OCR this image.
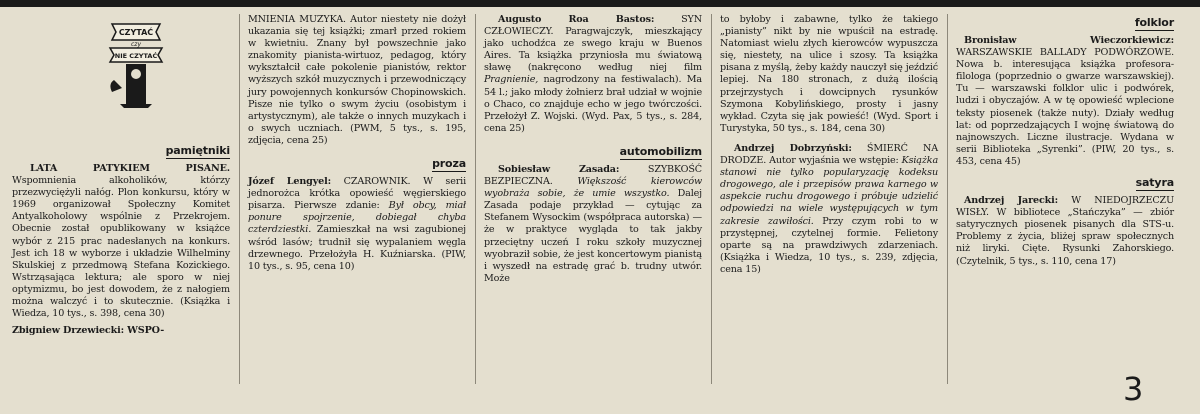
CZYTAĆ
czy
NIE CZYTAĆ
pamiętniki

LATA PATYKIEM PISANE. Wspomnienia alkoholików, którzy przezwyciężyli nałóg. Plon konkursu, który w 1969 organizował Społeczny Komitet Antyalkoholowy wspólnie z Przekrojem. Obecnie został opublikowany w książce wybór z 215 prac nadesłanych na konkurs. Jest ich 18 w wyborze i układzie Wilhelminy Skulskiej z przedmową Stefana Kozickiego. Wstrząsająca lektura; ale sporo w niej optymizmu, bo jest dowodem, że z nałogiem można walczyć i to skutecznie. (Książka i Wiedza, 10 tys., s. 398, cena 30)

Zbigniew Drzewiecki: WSPO-

MNIENIA MUZYKA. Autor niestety nie dożył ukazania się tej książki; zmarł przed rokiem w kwietniu. Znany był powszechnie jako znakomity pianista-wirtuoz, pedagog, który wykształcił całe pokolenie pianistów, rektor wyższych szkół muzycznych i przewodniczący jury powojennych konkursów Chopinowskich. Pisze nie tylko o swym życiu (osobistym i artystycznym), ale także o innych muzykach i o swych uczniach. (PWM, 5 tys., s. 195, zdjęcia, cena 25)

proza

Józef Lengyel: CZAROWNIK. W serii jednorożca krótka opowieść węgierskiego pisarza. Pierwsze zdanie: Był obcy, miał ponure spojrzenie, dobiegał chyba czterdziestki. Zamieszkał na wsi zagubionej wśród lasów; trudnił się wypalaniem węgla drzewnego. Przełożyła H. Kuźniarska. (PIW, 10 tys., s. 95, cena 10)

Augusto Roa Bastos:	SYN CZŁOWIECZY. Paragwajczyk, mieszkający jako uchodźca ze swego kraju w Buenos Aires. Ta książka przyniosła mu światową sławę (nakręcono według niej film Pragnienie, nagrodzony na festiwalach). Ma 54 l.; jako młody żołnierz brał udział w wojnie o Chaco, co znajduje echo w jego twórczości. Przełożył Z. Wojski. (Wyd. Pax, 5 tys., s. 284, cena 25)

automobilizm

Sobiesław Zasada:	SZYBKOŚĆ BEZPIECZNA.	Większość kierowców wyobraża sobie, że umie wszystko. Dalej Zasada podaje przykład — cytując za Stefanem Wysockim (współpraca autorska) — że w praktyce wygląda to tak jakby przeciętny uczeń I roku szkoły muzycznej wyobraził sobie, że jest koncertowym pianistą i wyszedł na estradę grać b. trudny utwór. Może

to byłoby i zabawne, tylko że takiego „pianisty” nikt by nie wpuścił na estradę. Natomiast wielu złych kierowców wypuszcza się, niestety, na ulice i szosy. Ta książka pisana z myślą, żeby każdy nauczył się jeździć lepiej. Na 180 stronach, z dużą ilością przejrzystych i dowcipnych rysunków Szymona Kobylińskiego, prosty i jasny wykład. Czyta się jak powieść! (Wyd. Sport i Turystyka, 50 tys., s. 184, cena 30)

Andrzej Dobrzyński: ŚMIERĆ NA DRODZE. Autor wyjaśnia we wstępie: Książka stanowi nie tylko popularyzację kodeksu drogowego, ale i przepisów prawa karnego w aspekcie ruchu drogowego i próbuje udzielić odpowiedzi na wiele występujących w tym zakresie zawiłości. Przy czym robi to w przystępnej, czytelnej formie. Felietony oparte są na prawdziwych zdarzeniach. (Książka i Wiedza, 10 tys., s. 239, zdjęcia, cena 15)

folklor

Bronisław Wieczorkiewicz: WARSZAWSKIE BALLADY PODWÓRZOWE. Nowa b. interesująca książka profesora-filologa (poprzednio o gwarze warszawskiej). Tu — warszawski folklor ulic i podwórek, ludzi i obyczajów. A w tę opowieść wplecione teksty piosenek (także nuty). Działy według lat: od poprzedzających I wojnę światową do najnowszych. Liczne ilustracje. Wydana w serii Biblioteka „Syrenki”. (PIW, 20 tys., s. 453, cena 45)

satyra

Andrzej Jarecki: W NIEDOJRZECZU WISŁY. W bibliotece „Stańczyka” — zbiór satyrycznych piosenek pisanych dla STS-u. Problemy z życia, bliżej spraw społecznych niż liryki. Cięte. Rysunki Zahorskiego. (Czytelnik, 5 tys., s. 110, cena 17)

3
